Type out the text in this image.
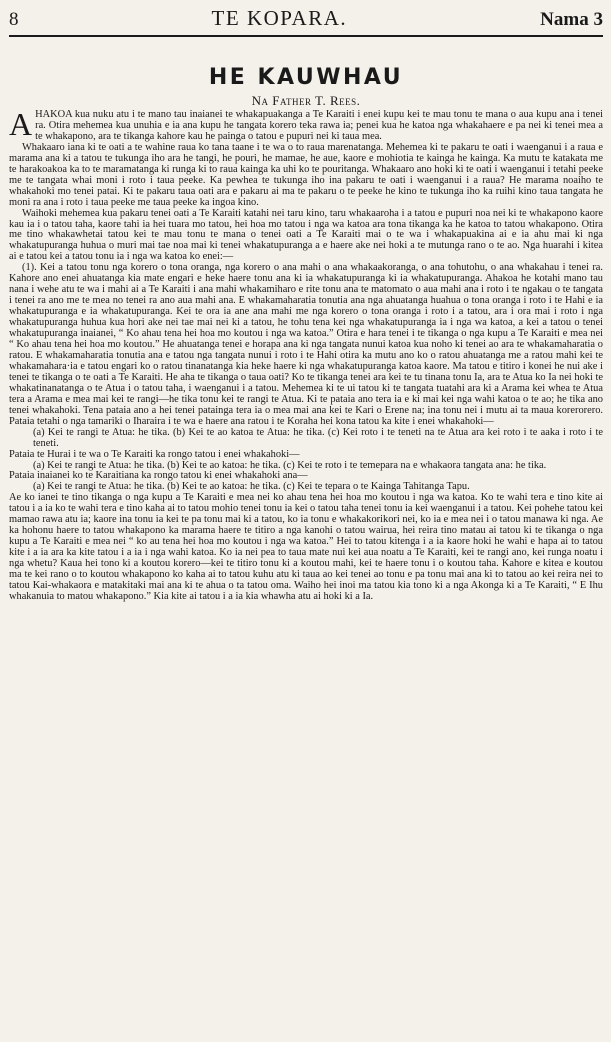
8	TE KOPARA.	Nama 3
HE KAUWHAU
Na Father T. Rees.

AHAKOA kua nuku atu i te mano tau inaianei te whakapuakanga a Te Karaiti i enei kupu kei te mau tonu te mana o aua kupu ana i tenei ra. Otira mehemea kua unuhia e ia ana kupu he tangata korero teka rawa ia; penei kua he katoa nga whakahaere e pa nei ki tenei mea a te whakapono, ara te tikanga kahore kau he painga o tatou e pupuri nei ki taua mea.

Whakaaro iana ki te oati a te wahine raua ko tana taane i te wa o to raua marenatanga. Mehemea ki te pakaru te oati i waenganui i a raua e marama ana ki a tatou te tukunga iho ara he tangi, he pouri, he mamae, he aue, kaore e mohiotia te kainga he kainga. Ka mutu te katakata me te harakoakoa ka to te maramatanga ki runga ki to raua kainga ka uhi ko te pouritanga. Whakaaro ano hoki ki te oati i waenganui i tetahi peeke me te tangata whai moni i roto i taua peeke. Ka pewhea te tukunga iho ina pakaru te oati i waenganui i a raua? He marama noaiho te whakahoki mo tenei patai. Ki te pakaru taua oati ara e pakaru ai ma te pakaru o te peeke he kino te tukunga iho ka ruihi kino taua tangata he moni ra ana i roto i taua peeke me taua peeke ka ingoa kino.

Waihoki mehemea kua pakaru tenei oati a Te Karaiti katahi nei taru kino, taru whakaaroha i a tatou e pupuri noa nei ki te whakapono kaore kau ia i o tatou taha, kaore tahi ia hei tuara mo tatou, hei hoa mo tatou i nga wa katoa ara tona tikanga ka he katoa to tatou whakapono. Otira me tino whakawhetai tatou kei te mau tonu te mana o tenei oati a Te Karaiti mai o te wa i whakapuakina ai e ia ahu mai ki nga whakatupuranga huhua o muri mai tae noa mai ki tenei whakatupuranga a e haere ake nei hoki a te mutunga rano o te ao. Nga huarahi i kitea ai e tatou kei a tatou tonu ia i nga wa katoa ko enei:—

(1). Kei a tatou tonu nga korero o tona oranga, nga korero o ana mahi o ana whakaakoranga, o ana tohutohu, o ana whakahau i tenei ra. Kahore ano enei ahuatanga kia mate engari e heke haere tonu ana ki ia whakatupuranga ki ia whakatupuranga. Ahakoa he kotahi mano tau nana i wehe atu te wa i mahi ai a Te Karaiti i ana mahi whakamiharo e rite tonu ana te matomato o aua mahi ana i roto i te ngakau o te tangata i tenei ra ano me te mea no tenei ra ano aua mahi ana. E whakamaharatia tonutia ana nga ahuatanga huahua o tona oranga i roto i te Hahi e ia whakatupuranga e ia whakatupuranga. Kei te ora ia ane ana mahi me nga korero o tona oranga i roto i a tatou, ara i ora mai i roto i nga whakatupuranga huhua kua hori ake nei tae mai nei ki a tatou, he tohu tena kei nga whakatupuranga ia i nga wa katoa, a kei a tatou o tenei whakatupuranga inaianei, “ Ko ahau tena hei hoa mo koutou i nga wa katoa.” Otira e hara tenei i te tikanga o nga kupu a Te Karaiti e mea nei “ Ko ahau tena hei hoa mo koutou.” He ahuatanga tenei e horapa ana ki nga tangata nunui katoa kua noho ki tenei ao ara te whakamaharatia o ratou. E whakamaharatia tonutia ana e tatou nga tangata nunui i roto i te Hahi otira ka mutu ano ko o ratou ahuatanga me a ratou mahi kei te whakamahara·ia e tatou engari ko o ratou tinanatanga kia heke haere ki nga whakatupuranga katoa kaore. Ma tatou e titiro i konei he nui ake i tenei te tikanga o te oati a Te Karaiti. He aha te tikanga o taua oati? Ko te tikanga tenei ara kei te tu tinana tonu Ia, ara te Atua ko Ia nei hoki te whakatinanatanga o te Atua i o tatou taha, i waenganui i a tatou. Mehemea ki te ui tatou ki te tangata tuatahi ara ki a Arama kei whea te Atua tera a Arama e mea mai kei te rangi—he tika tonu kei te rangi te Atua. Ki te pataia ano tera ia e ki mai kei nga wahi katoa o te ao; he tika ano tenei whakahoki. Tena pataia ano a hei tenei patainga tera ia o mea mai ana kei te Kari o Erene na; ina tonu nei i mutu ai ta maua korerorero. Pataia tetahi o nga tamariki o Iharaira i te wa e haere ana ratou i te Koraha hei kona tatou ka kite i enei whakahoki—

(a) Kei te rangi te Atua: he tika. (b) Kei te ao katoa te Atua: he tika. (c) Kei roto i te teneti na te Atua ara kei roto i te aaka i roto i te teneti.

Pataia te Hurai i te wa o Te Karaiti ka rongo tatou i enei whakahoki—

(a) Kei te rangi te Atua: he tika. (b) Kei te ao katoa: he tika. (c) Kei te roto i te temepara na e whakaora tangata ana: he tika.

Pataia inaianei ko te Karaitiana ka rongo tatou ki enei whakahoki ana—

(a) Kei te rangi te Atua: he tika. (b) Kei te ao katoa: he tika. (c) Kei te tepara o te Kainga Tahitanga Tapu.

Ae ko ianei te tino tikanga o nga kupu a Te Karaiti e mea nei ko ahau tena hei hoa mo koutou i nga wa katoa. Ko te wahi tera e tino kite ai tatou i a ia ko te wahi tera e tino kaha ai to tatou mohio tenei tonu ia kei o tatou taha tenei tonu ia kei waenganui i a tatou. Kei pohehe tatou kei mamao rawa atu ia; kaore ina tonu ia kei te pa tonu mai ki a tatou, ko ia tonu e whakakorikori nei, ko ia e mea nei i o tatou manawa ki nga. Ae ka hohonu haere to tatou whakapono ka marama haere te titiro a nga kanohi o tatou wairua, hei reira tino matau ai tatou ki te tikanga o nga kupu a Te Karaiti e mea nei “ ko au tena hei hoa mo koutou i nga wa katoa.” Hei to tatou kitenga i a ia kaore hoki he wahi e hapa ai to tatou kite i a ia ara ka kite tatou i a ia i nga wahi katoa. Ko ia nei pea to taua mate nui kei aua noatu a Te Karaiti, kei te rangi ano, kei runga noatu i nga whetu? Kaua hei tono ki a koutou korero—kei te titiro tonu ki a koutou mahi, kei te haere tonu i o koutou taha. Kahore e kitea e koutou ma te kei rano o to koutou whakapono ko kaha ai to tatou kuhu atu ki taua ao kei tenei ao tonu e pa tonu mai ana ki to tatou ao kei reira nei to tatou Kai-whakaora e matakitaki mai ana ki te ahua o ta tatou oma. Waiho hei inoi ma tatou kia tono ki a nga Akonga ki a Te Karaiti, “ E Ihu whakanuia to matou whakapono.” Kia kite ai tatou i a ia kia whawha atu ai hoki ki a Ia.
